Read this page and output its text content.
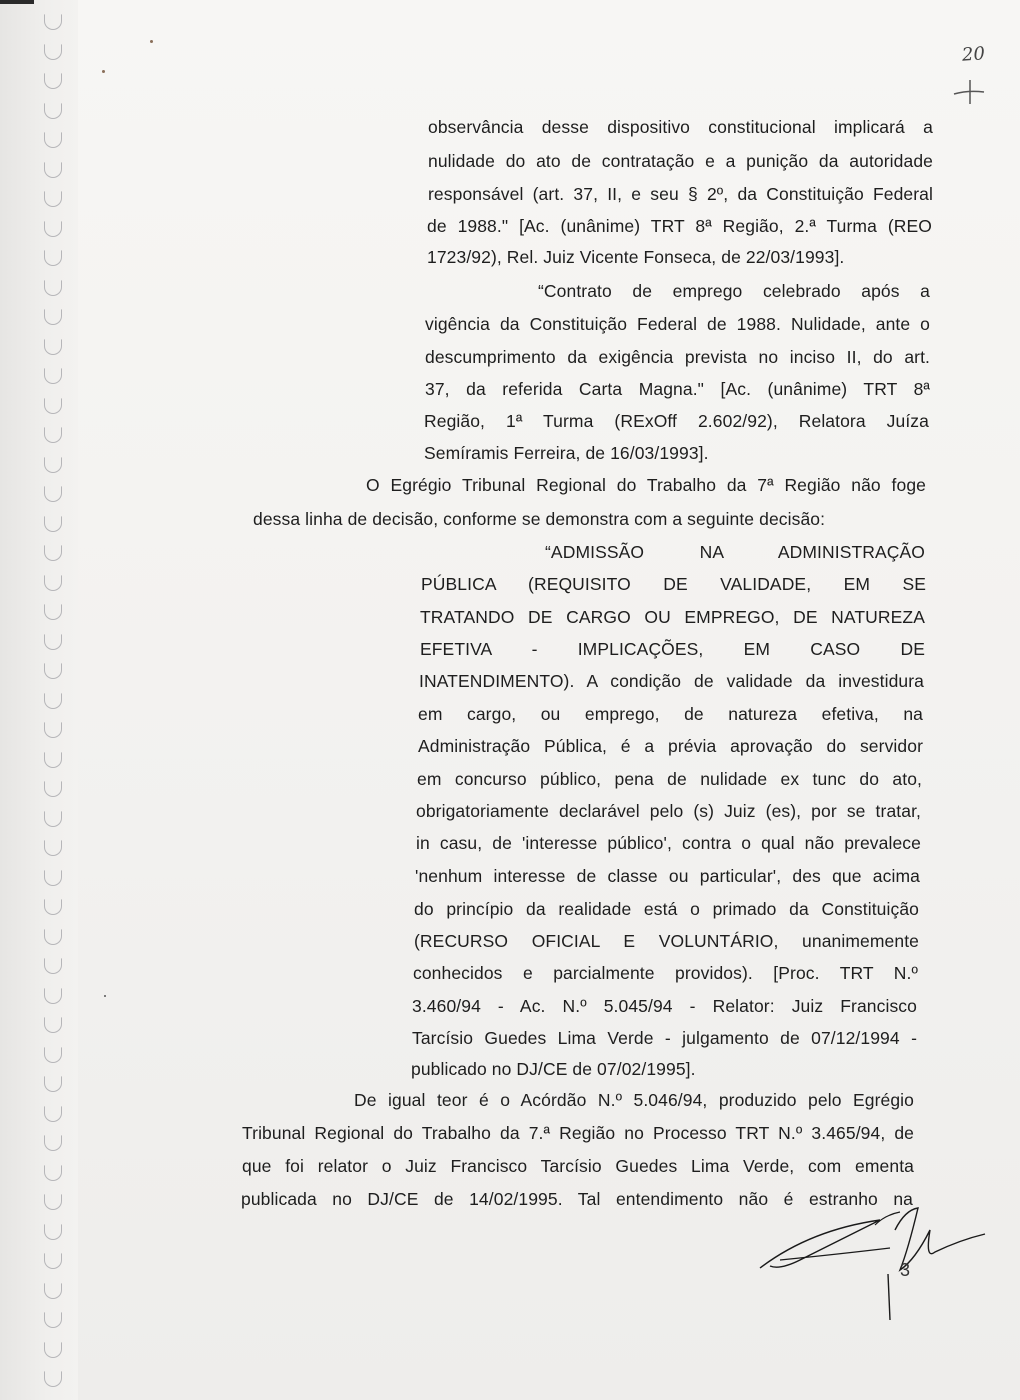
20
observância desse dispositivo constitucional implicará a
nulidade do ato de contratação e a punição da autoridade
responsável (art. 37, II, e seu § 2º, da Constituição Federal
de 1988." [Ac. (unânime) TRT 8ª Região, 2.ª Turma (REO
1723/92), Rel. Juiz Vicente Fonseca, de 22/03/1993].
“Contrato de emprego celebrado após a
vigência da Constituição Federal de 1988. Nulidade, ante o
descumprimento da exigência prevista no inciso II, do art.
37, da referida Carta Magna." [Ac. (unânime) TRT 8ª
Região, 1ª Turma (RExOff 2.602/92), Relatora Juíza
Semíramis Ferreira, de 16/03/1993].
O Egrégio Tribunal Regional do Trabalho da 7ª Região não foge
dessa linha de decisão, conforme se demonstra com a seguinte decisão:
“ADMISSÃO NA ADMINISTRAÇÃO
PÚBLICA (REQUISITO DE VALIDADE, EM SE
TRATANDO DE CARGO OU EMPREGO, DE NATUREZA
EFETIVA - IMPLICAÇÕES, EM CASO DE
INATENDIMENTO). A condição de validade da investidura
em cargo, ou emprego, de natureza efetiva, na
Administração Pública, é a prévia aprovação do servidor
em concurso público, pena de nulidade ex tunc do ato,
obrigatoriamente declarável pelo (s) Juiz (es), por se tratar,
in casu, de 'interesse público', contra o qual não prevalece
'nenhum interesse de classe ou particular', des que acima
do princípio da realidade está o primado da Constituição
(RECURSO OFICIAL E VOLUNTÁRIO, unanimemente
conhecidos e parcialmente providos). [Proc. TRT N.º
3.460/94 - Ac. N.º 5.045/94 - Relator: Juiz Francisco
Tarcísio Guedes Lima Verde - julgamento de 07/12/1994 -
publicado no DJ/CE de 07/02/1995].
De igual teor é o Acórdão N.º 5.046/94, produzido pelo Egrégio
Tribunal Regional do Trabalho da 7.ª Região no Processo TRT N.º 3.465/94, de
que foi relator o Juiz Francisco Tarcísio Guedes Lima Verde, com ementa
publicada no DJ/CE de 14/02/1995. Tal entendimento não é estranho na
3
